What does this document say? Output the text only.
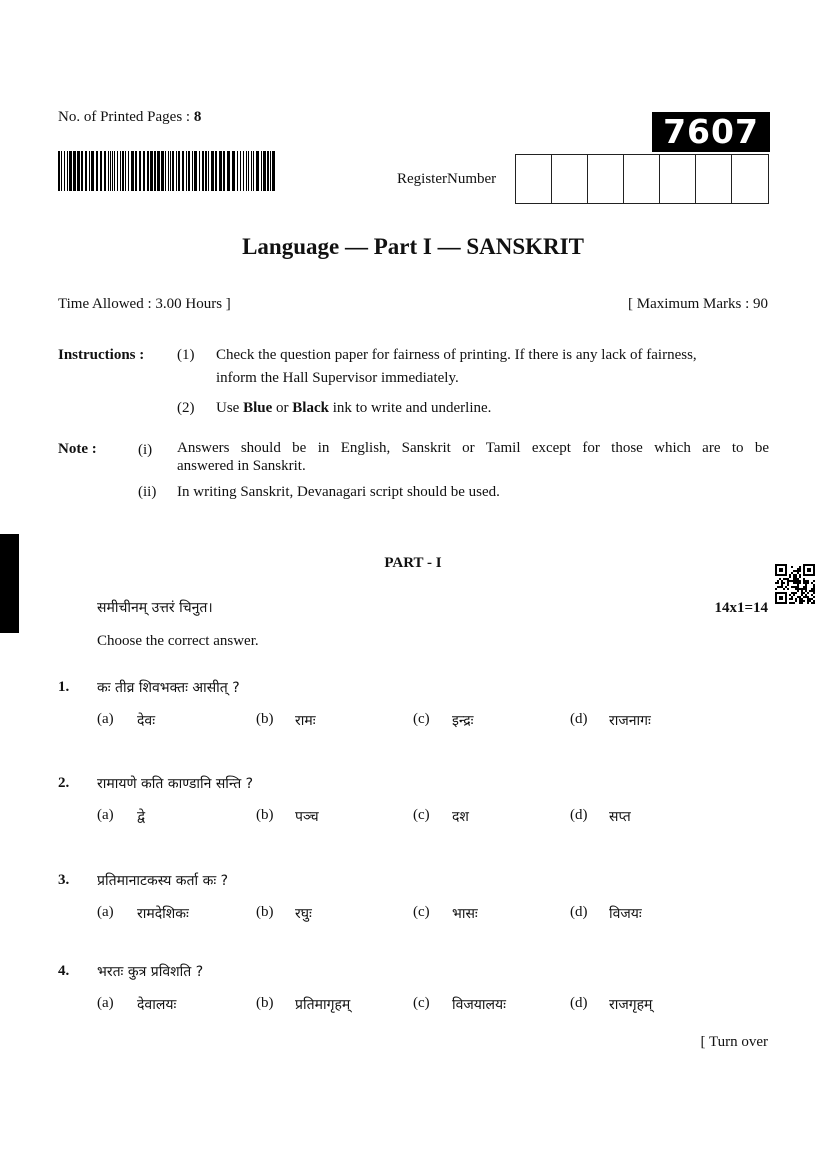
No. of Printed Pages : 8	7607
RegisterNumber
Language — Part I — SANSKRIT
Time Allowed : 3.00 Hours ]	[ Maximum Marks : 90
Instructions : (1) Check the question paper for fairness of printing. If there is any lack of fairness,
inform the Hall Supervisor immediately.
(2) Use Blue or Black ink to write and underline.
Note :	(i) Answers should be in English, Sanskrit or Tamil except for those which are to be
answered in Sanskrit.
(ii) In writing Sanskrit, Devanagari script should be used.
PART - I
समीचीनम् उत्तरं चिनुत।	14x1=14
Choose the correct answer.
1. कः तीव्र शिवभक्तः आसीत् ?
(a) देवः	(b) रामः	(c) इन्द्रः	(d) राजनागः
2. रामायणे कति काण्डानि सन्ति ?
(a) द्वे	(b) पञ्च	(c) दश	(d) सप्त
3. प्रतिमानाटकस्य कर्ता कः ?
(a) रामदेशिकः	(b) रघुः	(c) भासः	(d) विजयः
4. भरतः कुत्र प्रविशति ?
(a) देवालयः	(b) प्रतिमागृहम्	(c) विजयालयः	(d) राजगृहम्
[ Turn over
